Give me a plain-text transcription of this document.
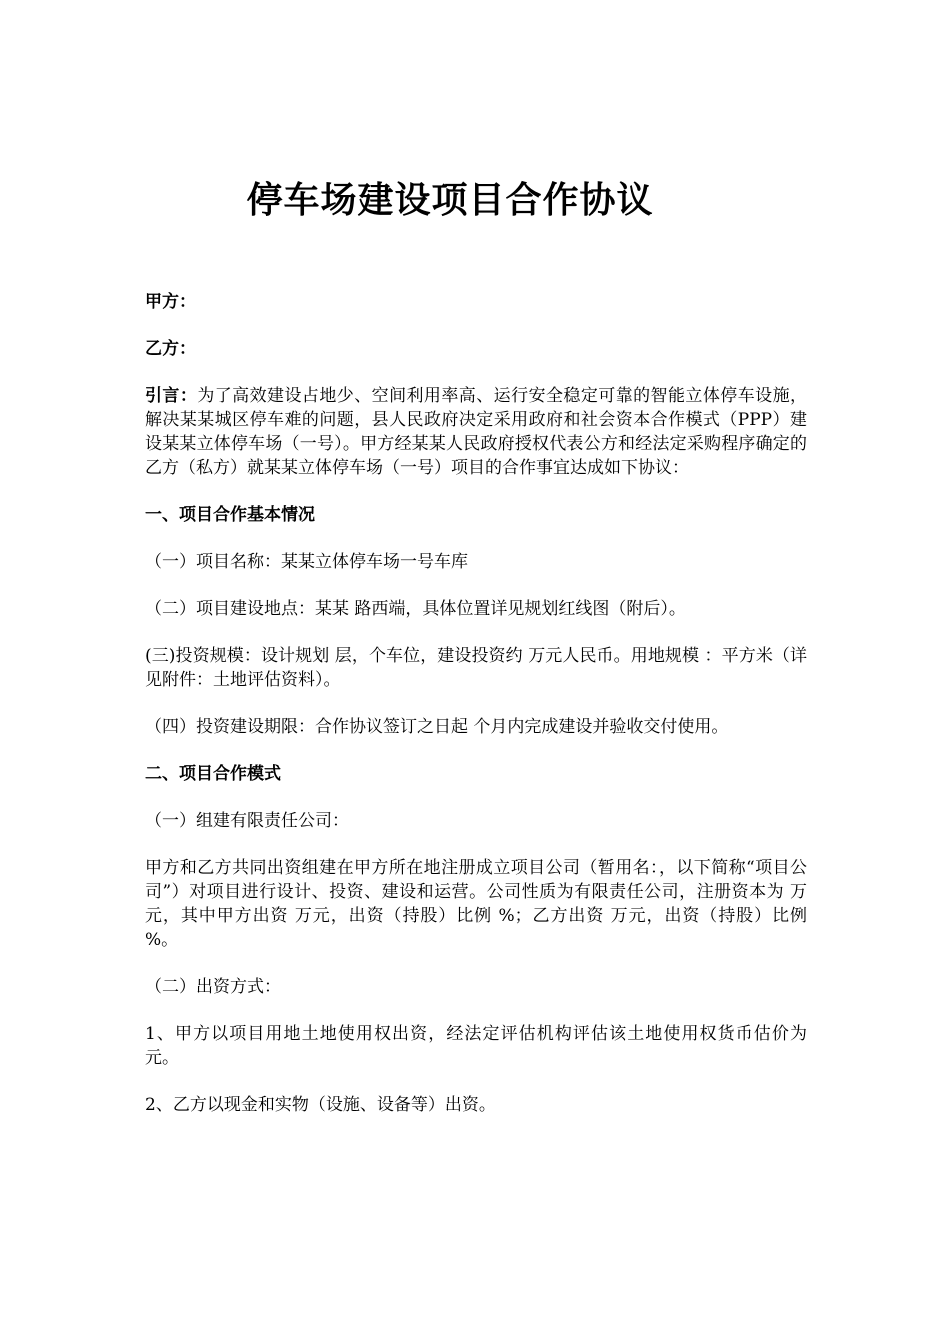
停车场建设项目合作协议

甲方：

乙方：

引言：为了高效建设占地少、空间利用率高、运行安全稳定可靠的智能立体停车设施，解决某某城区停车难的问题，县人民政府决定采用政府和社会资本合作模式（PPP）建设某某立体停车场（一号）。甲方经某某人民政府授权代表公方和经法定采购程序确定的乙方（私方）就某某立体停车场（一号）项目的合作事宜达成如下协议：

一、项目合作基本情况

（一）项目名称：某某立体停车场一号车库

（二）项目建设地点：某某 路西端，具体位置详见规划红线图（附后）。

(三)投资规模：设计规划 层，个车位，建设投资约 万元人民币。用地规模 ：平方米（详见附件：土地评估资料）。

（四）投资建设期限：合作协议签订之日起 个月内完成建设并验收交付使用。

二、项目合作模式

（一）组建有限责任公司：

甲方和乙方共同出资组建在甲方所在地注册成立项目公司（暂用名：，以下简称“项目公司”）对项目进行设计、投资、建设和运营。公司性质为有限责任公司，注册资本为 万元，其中甲方出资 万元，出资（持股）比例 %；乙方出资 万元，出资（持股）比例 %。

（二）出资方式：

1、甲方以项目用地土地使用权出资，经法定评估机构评估该土地使用权货币估价为 元。

2、乙方以现金和实物（设施、设备等）出资。
